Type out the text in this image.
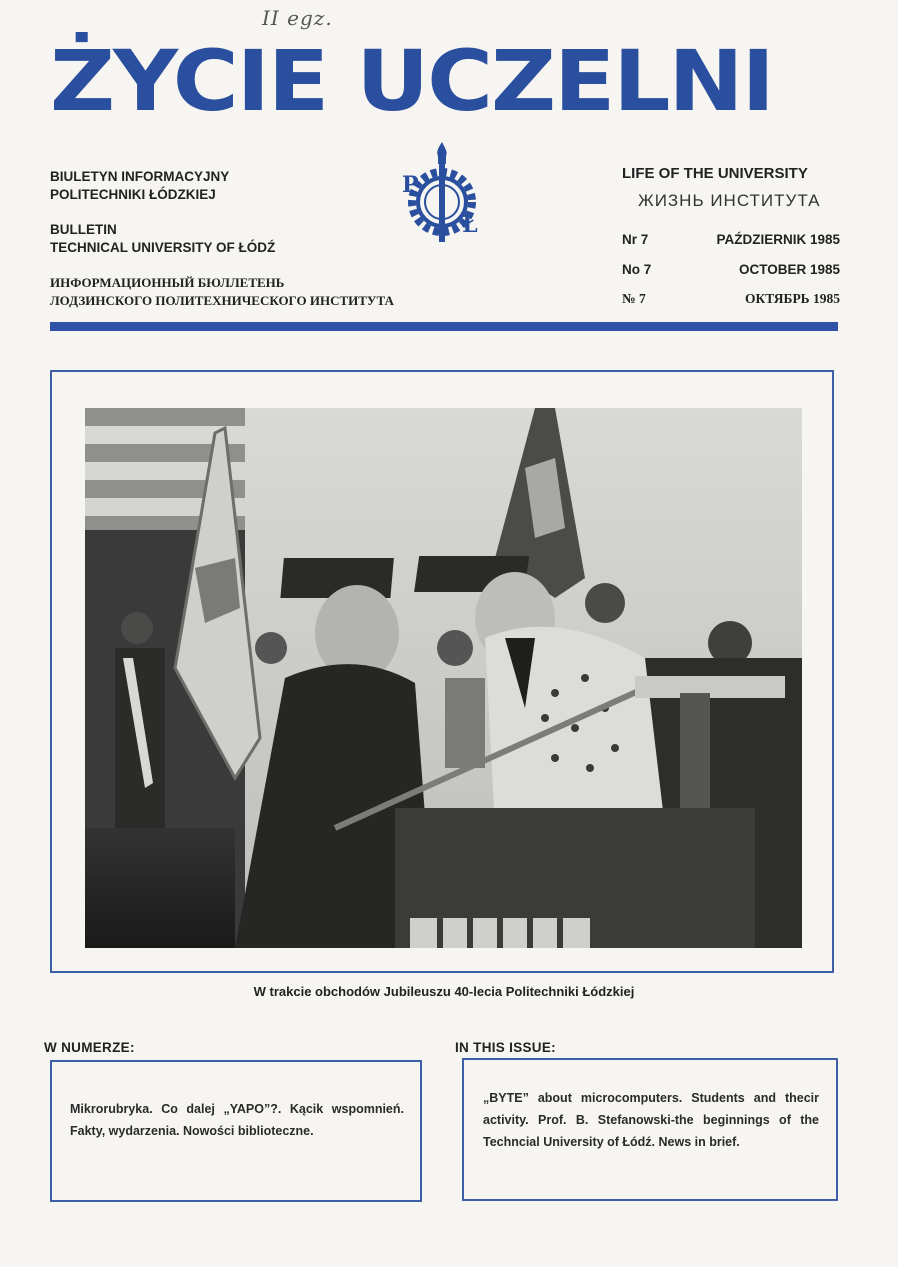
II egz.
ŻYCIE UCZELNI
BIULETYN INFORMACYJNY
POLITECHNIKI ŁÓDZKIEJ
BULLETIN
TECHNICAL UNIVERSITY OF ŁÓDŹ
ИНФОРМАЦИОННЫЙ БЮЛЛЕТЕНЬ
ЛОДЗИНСКОГО ПОЛИТЕХНИЧЕСКОГО ИНСТИТУТА
P
Ł
LIFE OF THE UNIVERSITY
ЖИЗНЬ ИНСТИТУТА
Nr 7	PAŹDZIERNIK 1985
No 7	OCTOBER 1985
№ 7	ОКТЯБРЬ 1985
W trakcie obchodów Jubileuszu 40-lecia Politechniki Łódzkiej
W NUMERZE:	IN THIS ISSUE:
Mikrorubryka. Co dalej „YAPO”?. Kącik wspomnień. Fakty, wydarzenia. Nowości bibliotеczne.
„BYTE” about microcomputers. Students and thecir activity. Prof. B. Stefanowski-the beginnings of the Techncial University of Łódź. News in brief.
